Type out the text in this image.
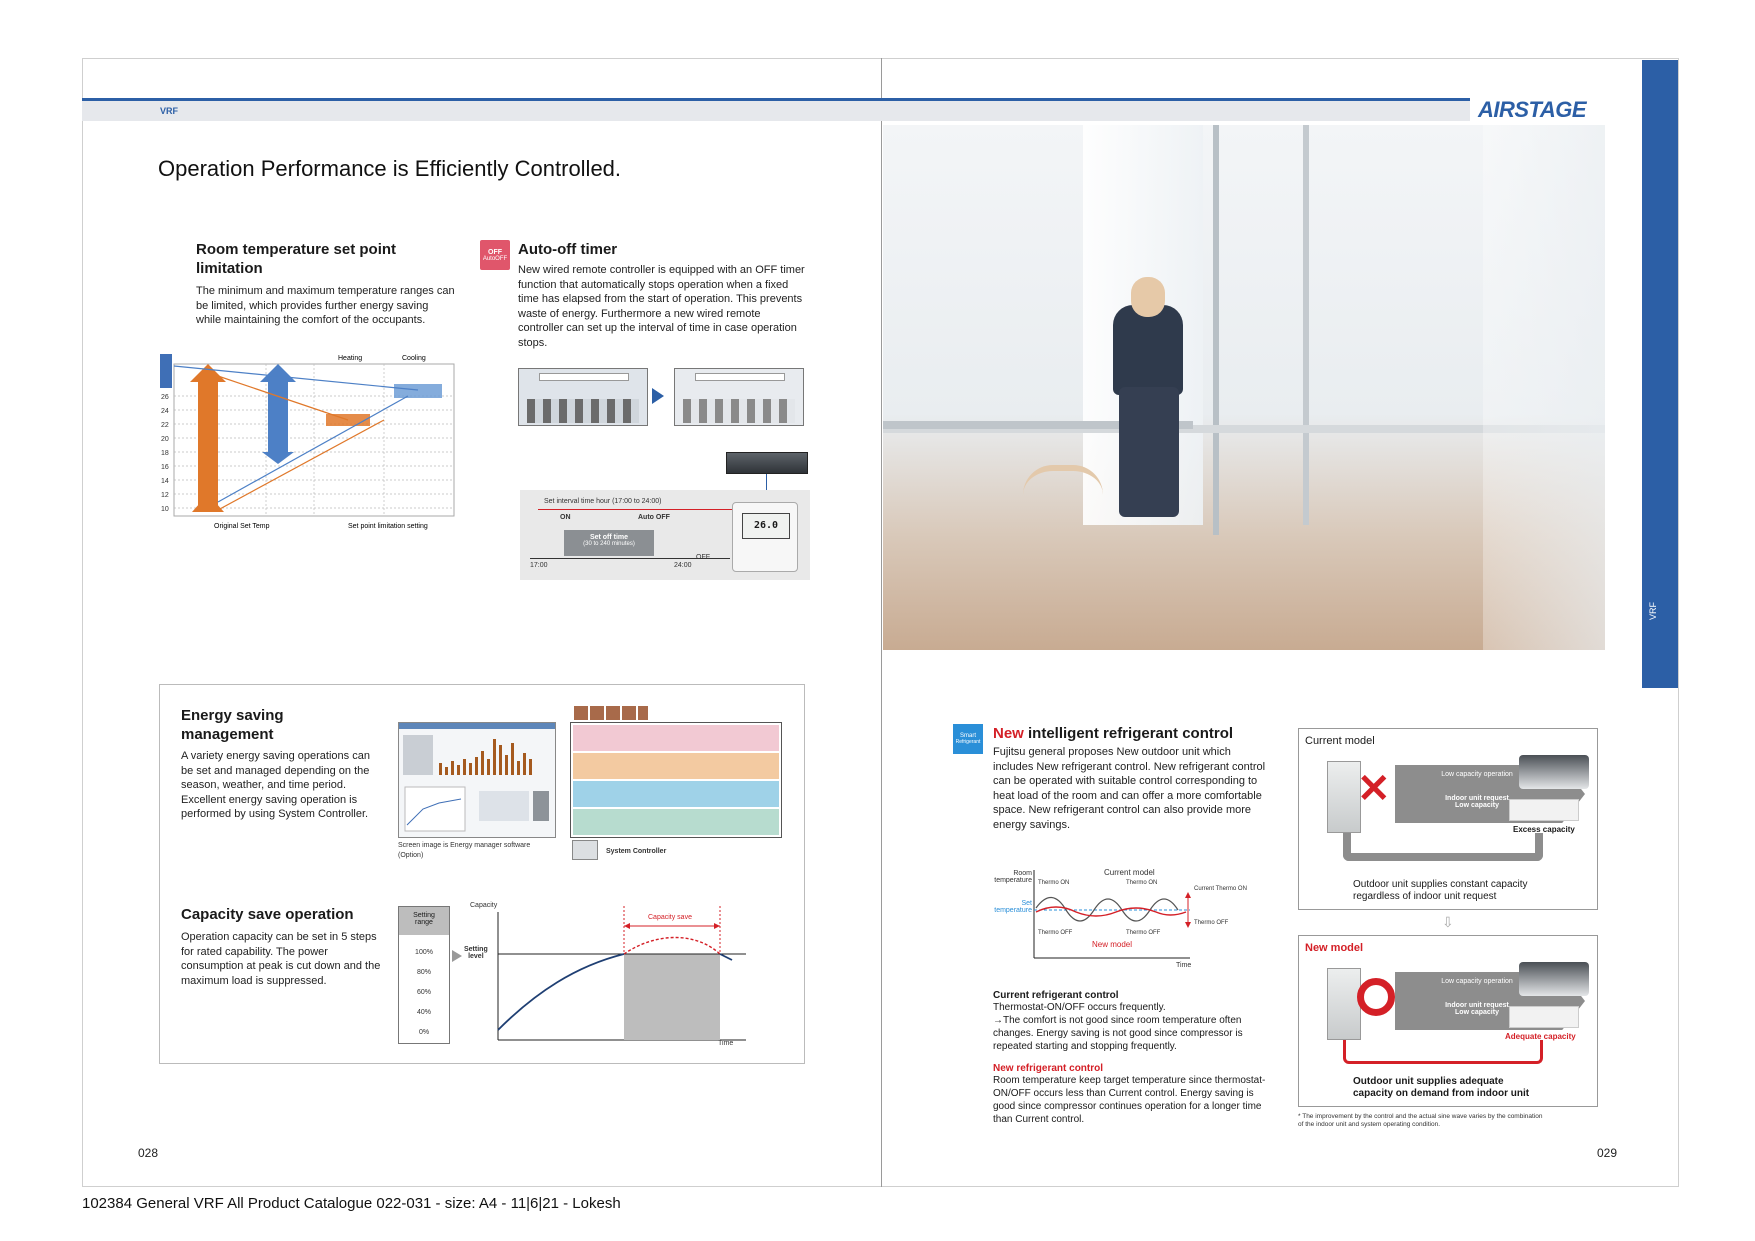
VRF	AIRSTAGE
VRF
Operation Performance is Efficiently Controlled.
Room temperature set point
limitation

The minimum and maximum temperature ranges can be limited, which provides further energy saving while maintaining the comfort of the occupants.

Heating	Cooling
26
24
22
20
18
16
14
12
10
Original Set Temp	Set point limitation setting
OFF
AutoOFF
Auto-off timer

New wired remote controller is equipped with an OFF timer function that automatically stops operation when a fixed time has elapsed from the start of operation. This prevents waste of energy. Furthermore a new wired remote controller can set up the interval of time in case operation stops.

Set interval time hour (17:00 to 24:00)
ON	Auto OFF
Set off time
(30 to 240 minutes)
17:00	24:00
OFF
26.0
Energy saving
management

A variety energy saving operations can be set and managed depending on the season, weather, and time period.

Excellent energy saving operation is performed by using System Controller.

Screen image is Energy manager software
(Option)
System Controller
Capacity save operation

Operation capacity can be set in 5 steps for rated capability. The power consumption at peak is cut down and the maximum load is suppressed.

Setting
range
100%
80%
60%
40%
0%
Setting
level
Capacity
Capacity save
Time
Smart
Refrigerant New intelligent refrigerant control

Fujitsu general proposes New outdoor unit which includes New refrigerant control. New refrigerant control can be operated with suitable control corresponding to heat load of the room and can offer a more comfortable space. New refrigerant control can also provide more energy savings.

Room
temperature
Set
temperature
Current model
Thermo ON	Thermo ON
Current Thermo ON
Thermo OFF	Thermo OFF
Thermo OFF
New model
Time
Current refrigerant control
Thermostat-ON/OFF occurs frequently.
→The comfort is not good since room temperature often changes. Energy saving is not good since compressor is repeated starting and stopping frequently.
New refrigerant control
Room temperature keep target temperature since thermostat-ON/OFF occurs less than Current control. Energy saving is good since compressor continues operation for a longer time than Current control.
Current model
✕	Low capacity operation
Indoor unit request
Low capacity
Excess capacity
Outdoor unit supplies constant capacity
regardless of indoor unit request
⇩
New model
Low capacity operation
Indoor unit request
Low capacity
Adequate capacity
Outdoor unit supplies adequate
capacity on demand from indoor unit
* The improvement by the control and the actual sine wave varies by the combination
of the indoor unit and system operating condition.
028	029
102384 General VRF All Product Catalogue 022-031 - size: A4 - 11|6|21 - Lokesh
